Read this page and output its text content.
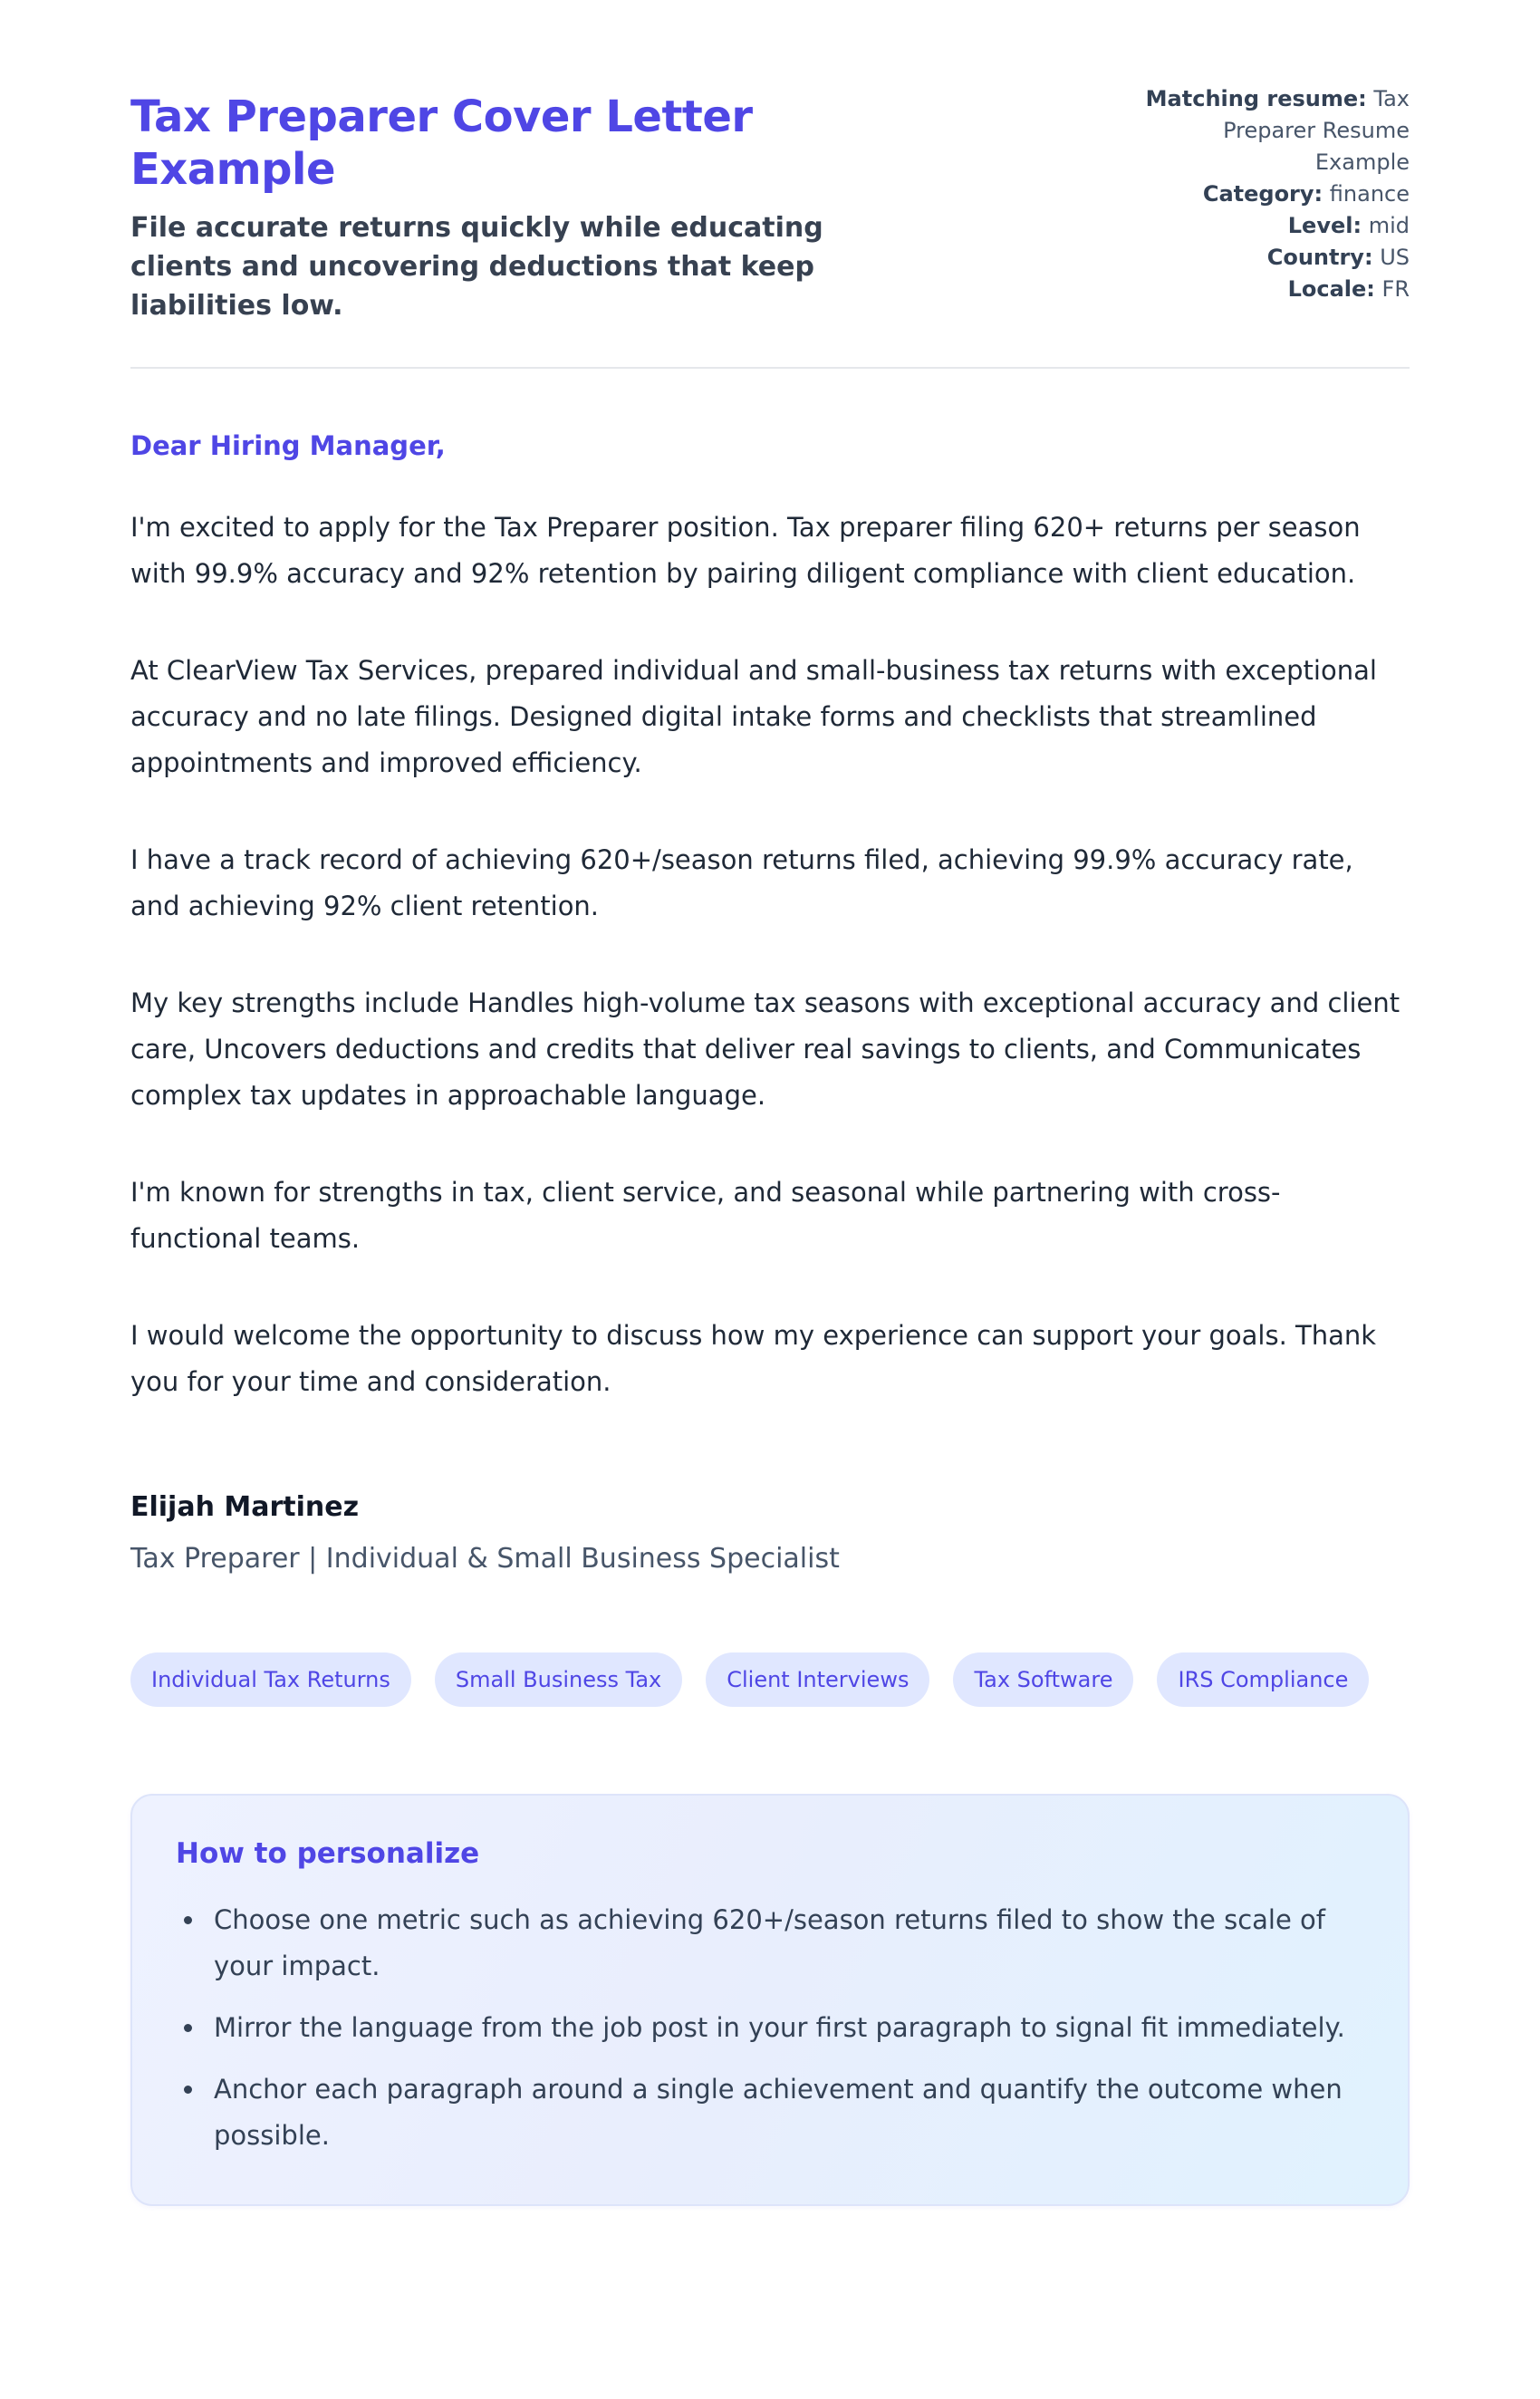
Tax Preparer Cover Letter Example

File accurate returns quickly while educating clients and uncovering deductions that keep liabilities low.

Matching resume: Tax Preparer Resume Example
Category: finance
Level: mid
Country: US
Locale: FR

Dear Hiring Manager,

I'm excited to apply for the Tax Preparer position. Tax preparer filing 620+ returns per season with 99.9% accuracy and 92% retention by pairing diligent compliance with client education.

At ClearView Tax Services, prepared individual and small-business tax returns with exceptional accuracy and no late filings. Designed digital intake forms and checklists that streamlined appointments and improved efficiency.

I have a track record of achieving 620+/season returns filed, achieving 99.9% accuracy rate, and achieving 92% client retention.

My key strengths include Handles high-volume tax seasons with exceptional accuracy and client care, Uncovers deductions and credits that deliver real savings to clients, and Communicates complex tax updates in approachable language.

I'm known for strengths in tax, client service, and seasonal while partnering with cross-functional teams.

I would welcome the opportunity to discuss how my experience can support your goals. Thank you for your time and consideration.

Elijah Martinez

Tax Preparer | Individual & Small Business Specialist

Individual Tax Returns	Small Business Tax	Client Interviews	Tax Software	IRS Compliance
How to personalize
• Choose one metric such as achieving 620+/season returns filed to show the scale of your impact.
• Mirror the language from the job post in your first paragraph to signal fit immediately.
• Anchor each paragraph around a single achievement and quantify the outcome when possible.
